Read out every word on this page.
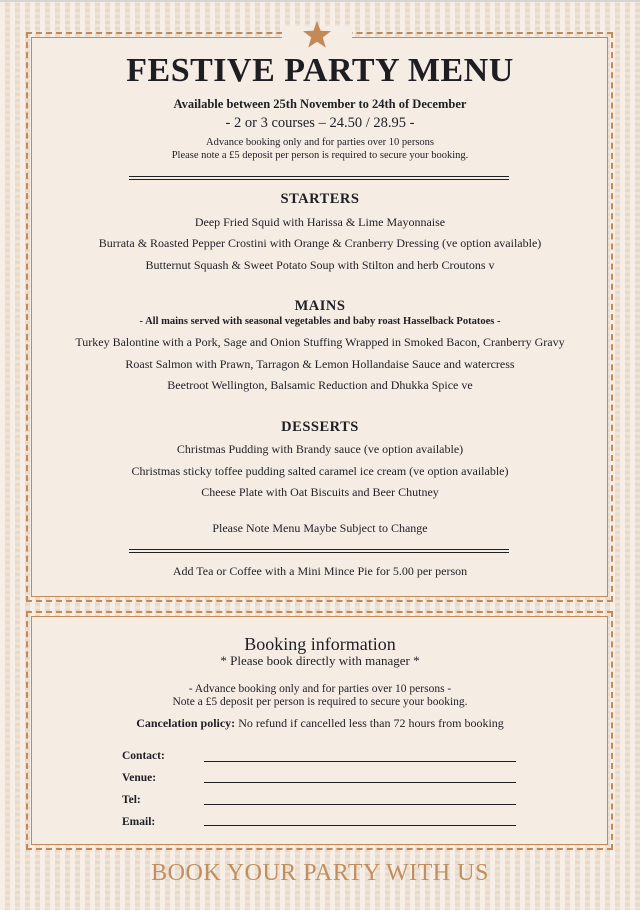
FESTIVE PARTY MENU
Available between 25th November to 24th of December
- 2 or 3 courses – 24.50 / 28.95 -
Advance booking only and for parties over 10 persons
Please note a £5 deposit per person is required to secure your booking.
STARTERS
Deep Fried Squid with Harissa & Lime Mayonnaise
Burrata & Roasted Pepper Crostini with Orange & Cranberry Dressing (ve option available)
Butternut Squash & Sweet Potato Soup with Stilton and herb Croutons v
MAINS
- All mains served with seasonal vegetables and baby roast Hasselback Potatoes -
Turkey Balontine with a Pork, Sage and Onion Stuffing Wrapped in Smoked Bacon, Cranberry Gravy
Roast Salmon with Prawn, Tarragon & Lemon Hollandaise Sauce and watercress
Beetroot Wellington, Balsamic Reduction and Dhukka Spice ve
DESSERTS
Christmas Pudding with Brandy sauce (ve option available)
Christmas sticky toffee pudding salted caramel ice cream (ve option available)
Cheese Plate with Oat Biscuits and Beer Chutney
Please Note Menu Maybe Subject to Change
Add Tea or Coffee with a Mini Mince Pie for 5.00 per person
Booking information
* Please book directly with manager *
- Advance booking only and for parties over 10 persons -
Note a £5 deposit per person is required to secure your booking.
Cancelation policy: No refund if cancelled less than 72 hours from booking
Contact:
Venue:
Tel:
Email:
BOOK YOUR PARTY WITH US
